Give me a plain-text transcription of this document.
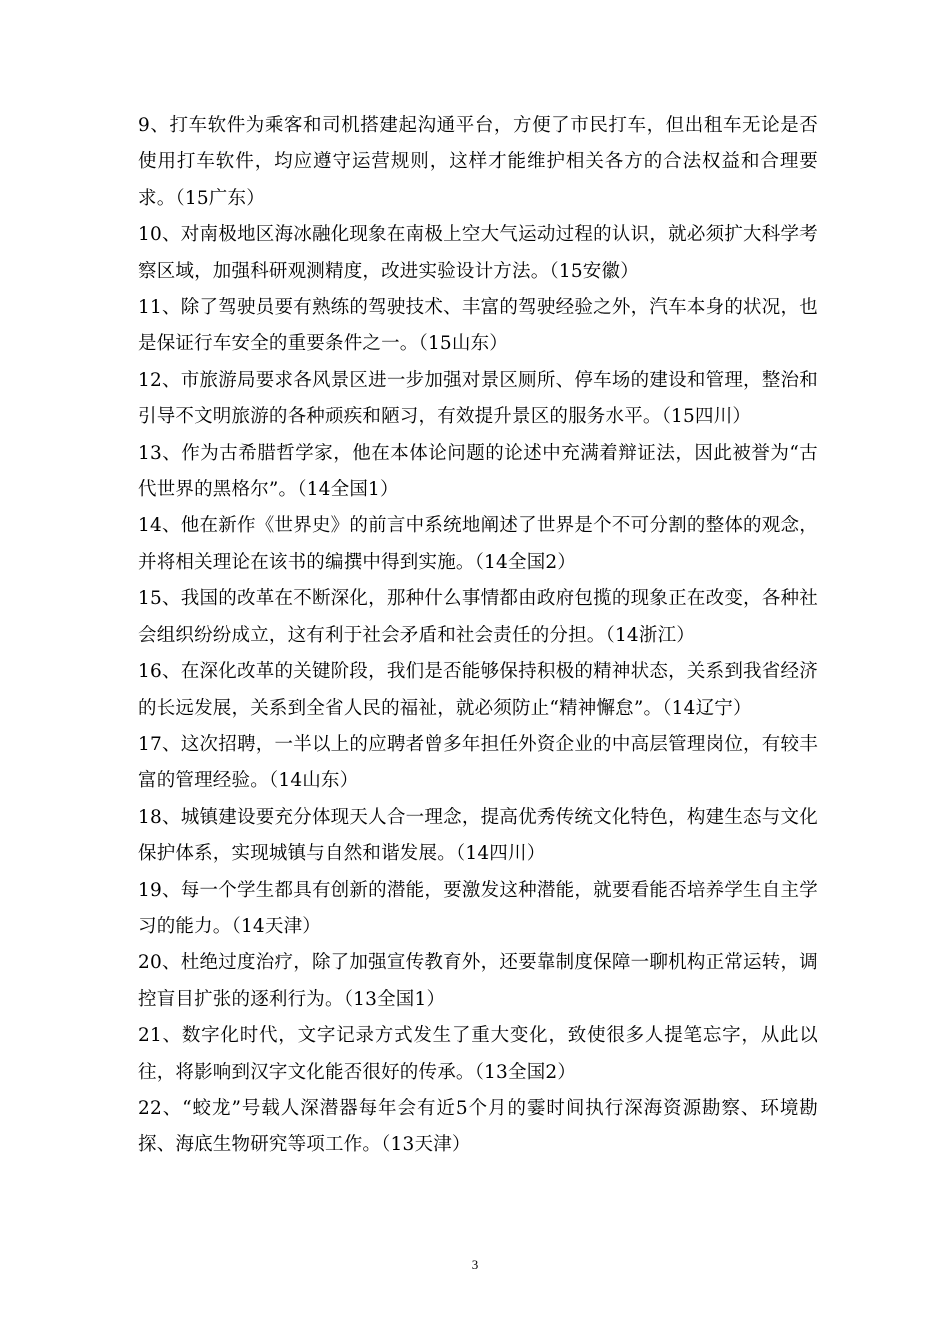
9、打车软件为乘客和司机搭建起沟通平台，方便了市民打车，但出租车无论是否使用打车软件，均应遵守运营规则，这样才能维护相关各方的合法权益和合理要求。（15广东）

10、对南极地区海冰融化现象在南极上空大气运动过程的认识，就必须扩大科学考察区域，加强科研观测精度，改进实验设计方法。（15安徽）

11、除了驾驶员要有熟练的驾驶技术、丰富的驾驶经验之外，汽车本身的状况，也是保证行车安全的重要条件之一。（15山东）

12、市旅游局要求各风景区进一步加强对景区厕所、停车场的建设和管理，整治和引导不文明旅游的各种顽疾和陋习，有效提升景区的服务水平。（15四川）

13、作为古希腊哲学家，他在本体论问题的论述中充满着辩证法，因此被誉为“古代世界的黑格尔”。（14全国1）

14、他在新作《世界史》的前言中系统地阐述了世界是个不可分割的整体的观念，并将相关理论在该书的编撰中得到实施。（14全国2）

15、我国的改革在不断深化，那种什么事情都由政府包揽的现象正在改变，各种社会组织纷纷成立，这有利于社会矛盾和社会责任的分担。（14浙江）

16、在深化改革的关键阶段，我们是否能够保持积极的精神状态，关系到我省经济的长远发展，关系到全省人民的福祉，就必须防止“精神懈怠”。（14辽宁）

17、这次招聘，一半以上的应聘者曾多年担任外资企业的中高层管理岗位，有较丰富的管理经验。（14山东）

18、城镇建设要充分体现天人合一理念，提高优秀传统文化特色，构建生态与文化保护体系，实现城镇与自然和谐发展。（14四川）

19、每一个学生都具有创新的潜能，要激发这种潜能，就要看能否培养学生自主学习的能力。（14天津）

20、杜绝过度治疗，除了加强宣传教育外，还要靠制度保障一聊机构正常运转，调控盲目扩张的逐利行为。（13全国1）

21、数字化时代，文字记录方式发生了重大变化，致使很多人提笔忘字，从此以往，将影响到汉字文化能否很好的传承。（13全国2）

22、“蛟龙”号载人深潜器每年会有近5个月的霎时间执行深海资源勘察、环境勘探、海底生物研究等项工作。（13天津）

3
